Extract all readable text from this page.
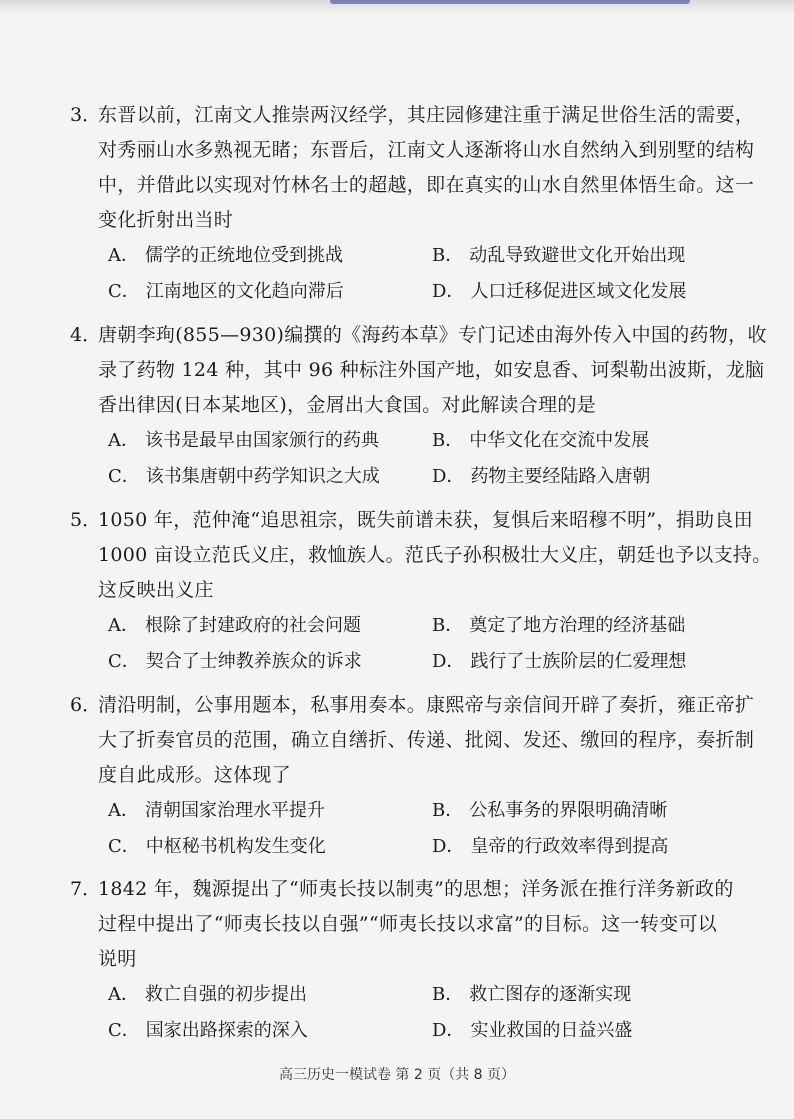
3．
东晋以前，江南文人推崇两汉经学，其庄园修建注重于满足世俗生活的需要，
对秀丽山水多熟视无睹；东晋后，江南文人逐渐将山水自然纳入到别墅的结构
中，并借此以实现对竹林名士的超越，即在真实的山水自然里体悟生命。这一
变化折射出当时
A． 儒学的正统地位受到挑战	B． 动乱导致避世文化开始出现
C． 江南地区的文化趋向滞后	D． 人口迁移促进区域文化发展
4．
唐朝李珣(855—930)编撰的《海药本草》专门记述由海外传入中国的药物，收
录了药物 124 种，其中 96 种标注外国产地，如安息香、诃梨勒出波斯，龙脑
香出律因(日本某地区)，金屑出大食国。对此解读合理的是
A． 该书是最早由国家颁行的药典	B． 中华文化在交流中发展
C． 该书集唐朝中药学知识之大成	D． 药物主要经陆路入唐朝
5．
1050 年，范仲淹“追思祖宗，既失前谱未获，复惧后来昭穆不明”，捐助良田
1000 亩设立范氏义庄，救恤族人。范氏子孙积极壮大义庄，朝廷也予以支持。
这反映出义庄
A． 根除了封建政府的社会问题	B． 奠定了地方治理的经济基础
C． 契合了士绅教养族众的诉求	D． 践行了士族阶层的仁爱理想
6．
清沿明制，公事用题本，私事用奏本。康熙帝与亲信间开辟了奏折，雍正帝扩
大了折奏官员的范围，确立自缮折、传递、批阅、发还、缴回的程序，奏折制
度自此成形。这体现了
A． 清朝国家治理水平提升	B． 公私事务的界限明确清晰
C． 中枢秘书机构发生变化	D． 皇帝的行政效率得到提高
7．
1842 年，魏源提出了“师夷长技以制夷”的思想；洋务派在推行洋务新政的
过程中提出了“师夷长技以自强”“师夷长技以求富”的目标。这一转变可以
说明
A． 救亡自强的初步提出	B． 救亡图存的逐渐实现
C． 国家出路探索的深入	D． 实业救国的日益兴盛
高三历史一模试卷 第 2 页（共 8 页）
